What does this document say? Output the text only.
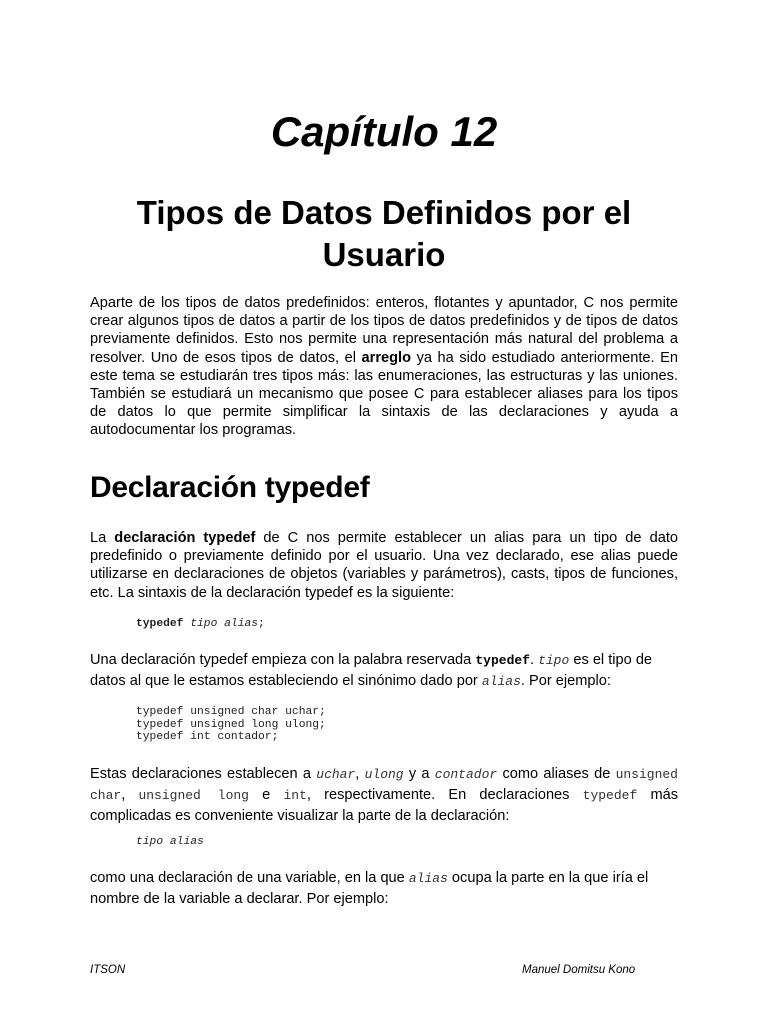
Capítulo 12
Tipos de Datos Definidos por el
Usuario

Aparte de los tipos de datos predefinidos: enteros, flotantes y apuntador, C nos permite crear algunos tipos de datos a partir de los tipos de datos predefinidos y de tipos de datos previamente definidos. Esto nos permite una representación más natural del problema a resolver. Uno de esos tipos de datos, el arreglo ya ha sido estudiado anteriormente. En este tema se estudiarán tres tipos más: las enumeraciones, las estructuras y las uniones. También se estudiará un mecanismo que posee C para establecer aliases para los tipos de datos lo que permite simplificar la sintaxis de las declaraciones y ayuda a autodocumentar los programas.

Declaración typedef

La declaración typedef de C nos permite establecer un alias para un tipo de dato predefinido o previamente definido por el usuario. Una vez declarado, ese alias puede utilizarse en declaraciones de objetos (variables y parámetros), casts, tipos de funciones, etc. La sintaxis de la declaración typedef es la siguiente:

typedef tipo alias;

Una declaración typedef empieza con la palabra reservada typedef. tipo es el tipo de datos al que le estamos estableciendo el sinónimo dado por alias. Por ejemplo:

typedef unsigned char uchar;
typedef unsigned long ulong;
typedef int contador;

Estas declaraciones establecen a uchar, ulong y a contador como aliases de unsigned char, unsigned long e int, respectivamente. En declaraciones typedef más complicadas es conveniente visualizar la parte de la declaración:

tipo alias

como una declaración de una variable, en la que alias ocupa la parte en la que iría el nombre de la variable a declarar. Por ejemplo:

ITSON	Manuel Domitsu Kono
